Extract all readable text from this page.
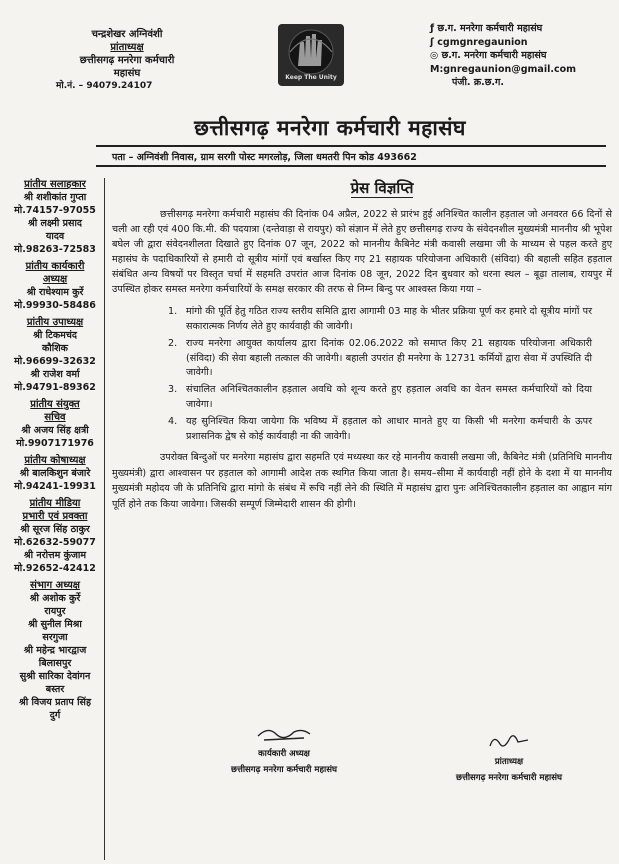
चन्द्रशेखर अग्निवंशी
प्रांताध्यक्ष
छत्तीसगढ़ मनरेगा कर्मचारी
महासंघ
मो.नं. – 94079.24107
Keep The Unity
ƒ छ.ग. मनरेगा कर्मचारी महासंघ
ʃ cgmgnregaunion
◎ छ.ग. मनरेगा कर्मचारी महासंघ
M:gnregaunion@gmail.com
पंजी. क्र.छ.ग.
छत्तीसगढ़ मनरेगा कर्मचारी महासंघ
पता – अग्निवंशी निवास, ग्राम सरगी पोस्ट मगरलोड़, जिला धमतरी पिन कोड 493662
प्रांतीय सलाहकार
श्री शशीकांत गुप्ता
मो.74157-97055
श्री लक्ष्मी प्रसाद
यादव
मो.98263-72583
प्रांतीय कार्यकारी
अध्यक्ष
श्री राधेश्याम कुर्रे
मो.99930-58486
प्रांतीय उपाध्यक्ष
श्री टिकमचंद
कौशिक
मो.96699-32632
श्री राजेश वर्मा
मो.94791-89362
प्रांतीय संयुक्त
सचिव
श्री अजय सिंह क्षत्री
मो.9907171976
प्रांतीय कोषाध्यक्ष
श्री बालकिशुन बंजारे
मो.94241-19931
प्रांतीय मीडिया
प्रभारी एवं प्रवक्ता
श्री सूरज सिंह ठाकुर
मो.62632-59077
श्री नरोत्तम कुंजाम
मो.92652-42412
संभाग अध्यक्ष
श्री अशोक कुर्रे
रायपुर
श्री सुनील मिश्रा
सरगुजा
श्री महेन्द्र भारद्वाज
बिलासपुर
सुश्री सारिका देवांगन
बस्तर
श्री विजय प्रताप सिंह
दुर्ग
प्रेस विज्ञप्ति
छत्तीसगढ़ मनरेगा कर्मचारी महासंघ की दिनांक 04 अप्रैल, 2022 से प्रारंभ हुई अनिश्चित कालीन हड़ताल जो अनवरत 66 दिनों से चली आ रही एवं 400 कि.मी. की पदयात्रा (दन्तेवाड़ा से रायपुर) को संज्ञान में लेते हुए छत्तीसगढ़ राज्य के संवेदनशील मुख्यमंत्री माननीय श्री भूपेश बघेल जी द्वारा संवेदनशीलता दिखाते हुए दिनांक 07 जून, 2022 को माननीय कैबिनेट मंत्री कवासी लखमा जी के माध्यम से पहल करते हुए महासंघ के पदाधिकारियों से हमारी दो सूत्रीय मांगों एवं बर्खास्त किए गए 21 सहायक परियोजना अधिकारी (संविदा) की बहाली सहित हड़ताल संबंधित अन्य विषयों पर विस्तृत चर्चा में सहमति उपरांत आज दिनांक 08 जून, 2022 दिन बुधवार को धरना स्थल – बूढ़ा तालाब, रायपुर में उपस्थित होकर समस्त मनरेगा कर्मचारियों के समक्ष सरकार की तरफ से निम्न बिन्दु पर आश्वस्त किया गया –
1. मांगो की पूर्ति हेतु गठित राज्य स्तरीय समिति द्वारा आगामी 03 माह के भीतर प्रक्रिया पूर्ण कर हमारे दो सूत्रीय मांगों पर सकारात्मक निर्णय लेते हुए कार्यवाही की जावेगी।
2. राज्य मनरेगा आयुक्त कार्यालय द्वारा दिनांक 02.06.2022 को समाप्त किए 21 सहायक परियोजना अधिकारी (संविदा) की सेवा बहाली तत्काल की जावेगी। बहाली उपरांत ही मनरेगा के 12731 कर्मियों द्वारा सेवा में उपस्थिति दी जावेगी।
3. संचालित अनिश्चितकालीन हड़ताल अवधि को शून्य करते हुए हड़ताल अवधि का वेतन समस्त कर्मचारियों को दिया जावेगा।
4. यह सुनिश्चित किया जायेगा कि भविष्य में हड़ताल को आधार मानते हुए या किसी भी मनरेगा कर्मचारी के ऊपर प्रशासनिक द्वेष से कोई कार्यवाही ना की जावेगी।
उपरोक्त बिन्दुओं पर मनरेगा महासंघ द्वारा सहमति एवं मध्यस्था कर रहे माननीय कवासी लखमा जी, कैबिनेट मंत्री (प्रतिनिधि माननीय मुख्यमंत्री) द्वारा आश्वासन पर हड़ताल को आगामी आदेश तक स्थगित किया जाता है। समय–सीमा में कार्यवाही नहीं होने के दशा में या माननीय मुख्यमंत्री महोदय जी के प्रतिनिधि द्वारा मांगो के संबंध में रूचि नहीं लेने की स्थिति में महासंघ द्वारा पुनः अनिश्चितकालीन हड़ताल का आह्वान मांग पूर्ति होने तक किया जावेगा। जिसकी सम्पूर्ण जिम्मेदारी शासन की होगी।
कार्यकारी अध्यक्ष
छत्तीसगढ़ मनरेगा कर्मचारी महासंघ
प्रांताध्यक्ष
छत्तीसगढ़ मनरेगा कर्मचारी महासंघ
